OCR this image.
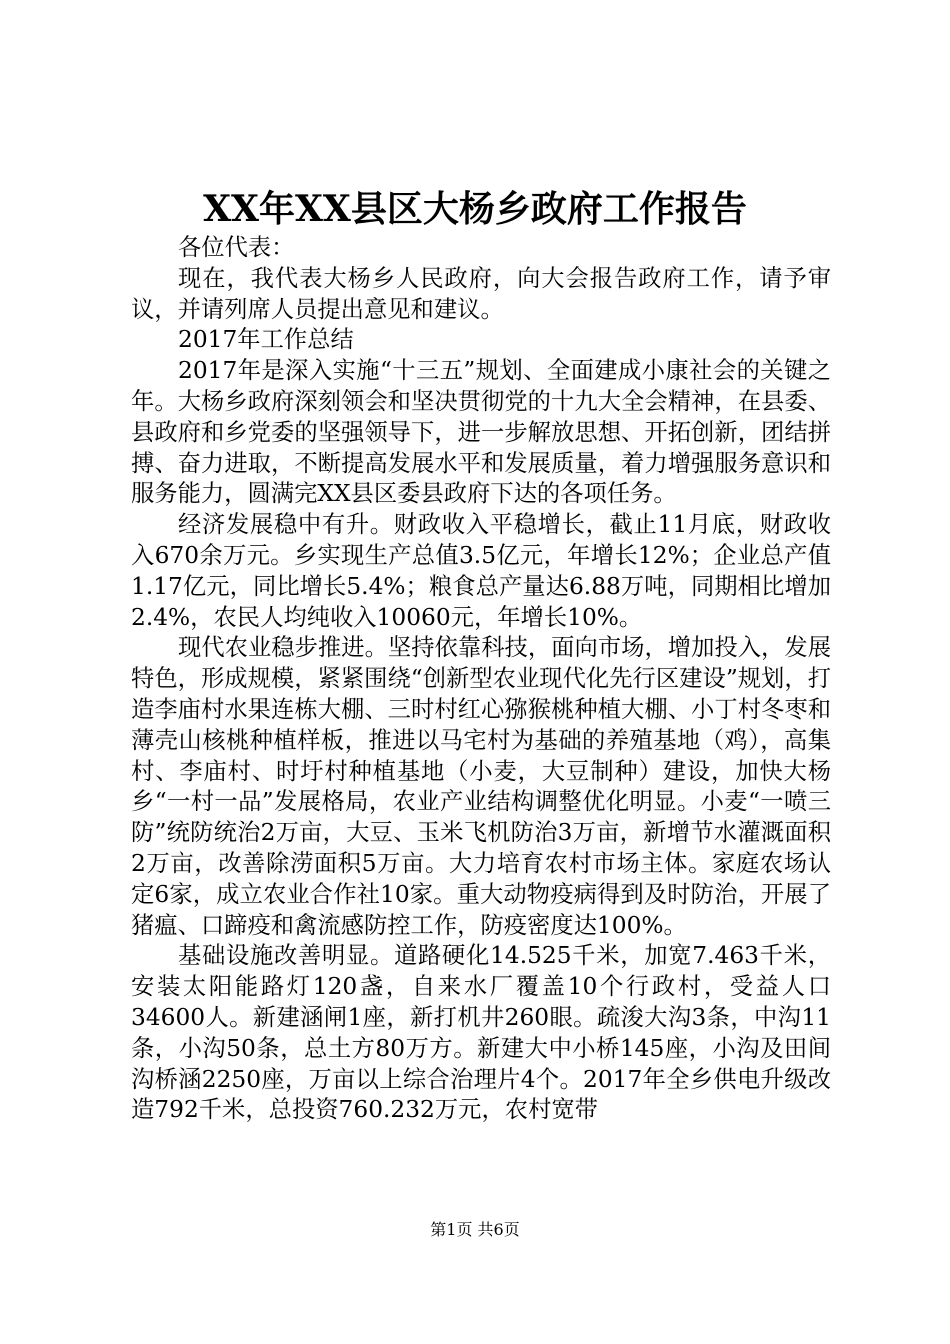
XX年XX县区大杨乡政府工作报告

各位代表：

现在，我代表大杨乡人民政府，向大会报告政府工作，请予审议，并请列席人员提出意见和建议。

2017年工作总结

2017年是深入实施“十三五”规划、全面建成小康社会的关键之年。大杨乡政府深刻领会和坚决贯彻党的十九大全会精神，在县委、县政府和乡党委的坚强领导下，进一步解放思想、开拓创新，团结拼搏、奋力进取，不断提高发展水平和发展质量，着力增强服务意识和服务能力，圆满完XX县区委县政府下达的各项任务。

经济发展稳中有升。财政收入平稳增长，截止11月底，财政收入670余万元。乡实现生产总值3.5亿元，年增长12%；企业总产值1.17亿元，同比增长5.4%；粮食总产量达6.88万吨，同期相比增加2.4%，农民人均纯收入10060元，年增长10%。

现代农业稳步推进。坚持依靠科技，面向市场，增加投入，发展特色，形成规模，紧紧围绕“创新型农业现代化先行区建设”规划，打造李庙村水果连栋大棚、三时村红心猕猴桃种植大棚、小丁村冬枣和薄壳山核桃种植样板，推进以马宅村为基础的养殖基地（鸡），高集村、李庙村、时圩村种植基地（小麦，大豆制种）建设，加快大杨乡“一村一品”发展格局，农业产业结构调整优化明显。小麦“一喷三防”统防统治2万亩，大豆、玉米飞机防治3万亩，新增节水灌溉面积2万亩，改善除涝面积5万亩。大力培育农村市场主体。家庭农场认定6家，成立农业合作社10家。重大动物疫病得到及时防治，开展了猪瘟、口蹄疫和禽流感防控工作，防疫密度达100%。

基础设施改善明显。道路硬化14.525千米，加宽7.463千米，安装太阳能路灯120盏，自来水厂覆盖10个行政村，受益人口34600人。新建涵闸1座，新打机井260眼。疏浚大沟3条，中沟11条，小沟50条，总土方80万方。新建大中小桥145座，小沟及田间沟桥涵2250座，万亩以上综合治理片4个。2017年全乡供电升级改造792千米，总投资760.232万元，农村宽带

第1页 共6页
